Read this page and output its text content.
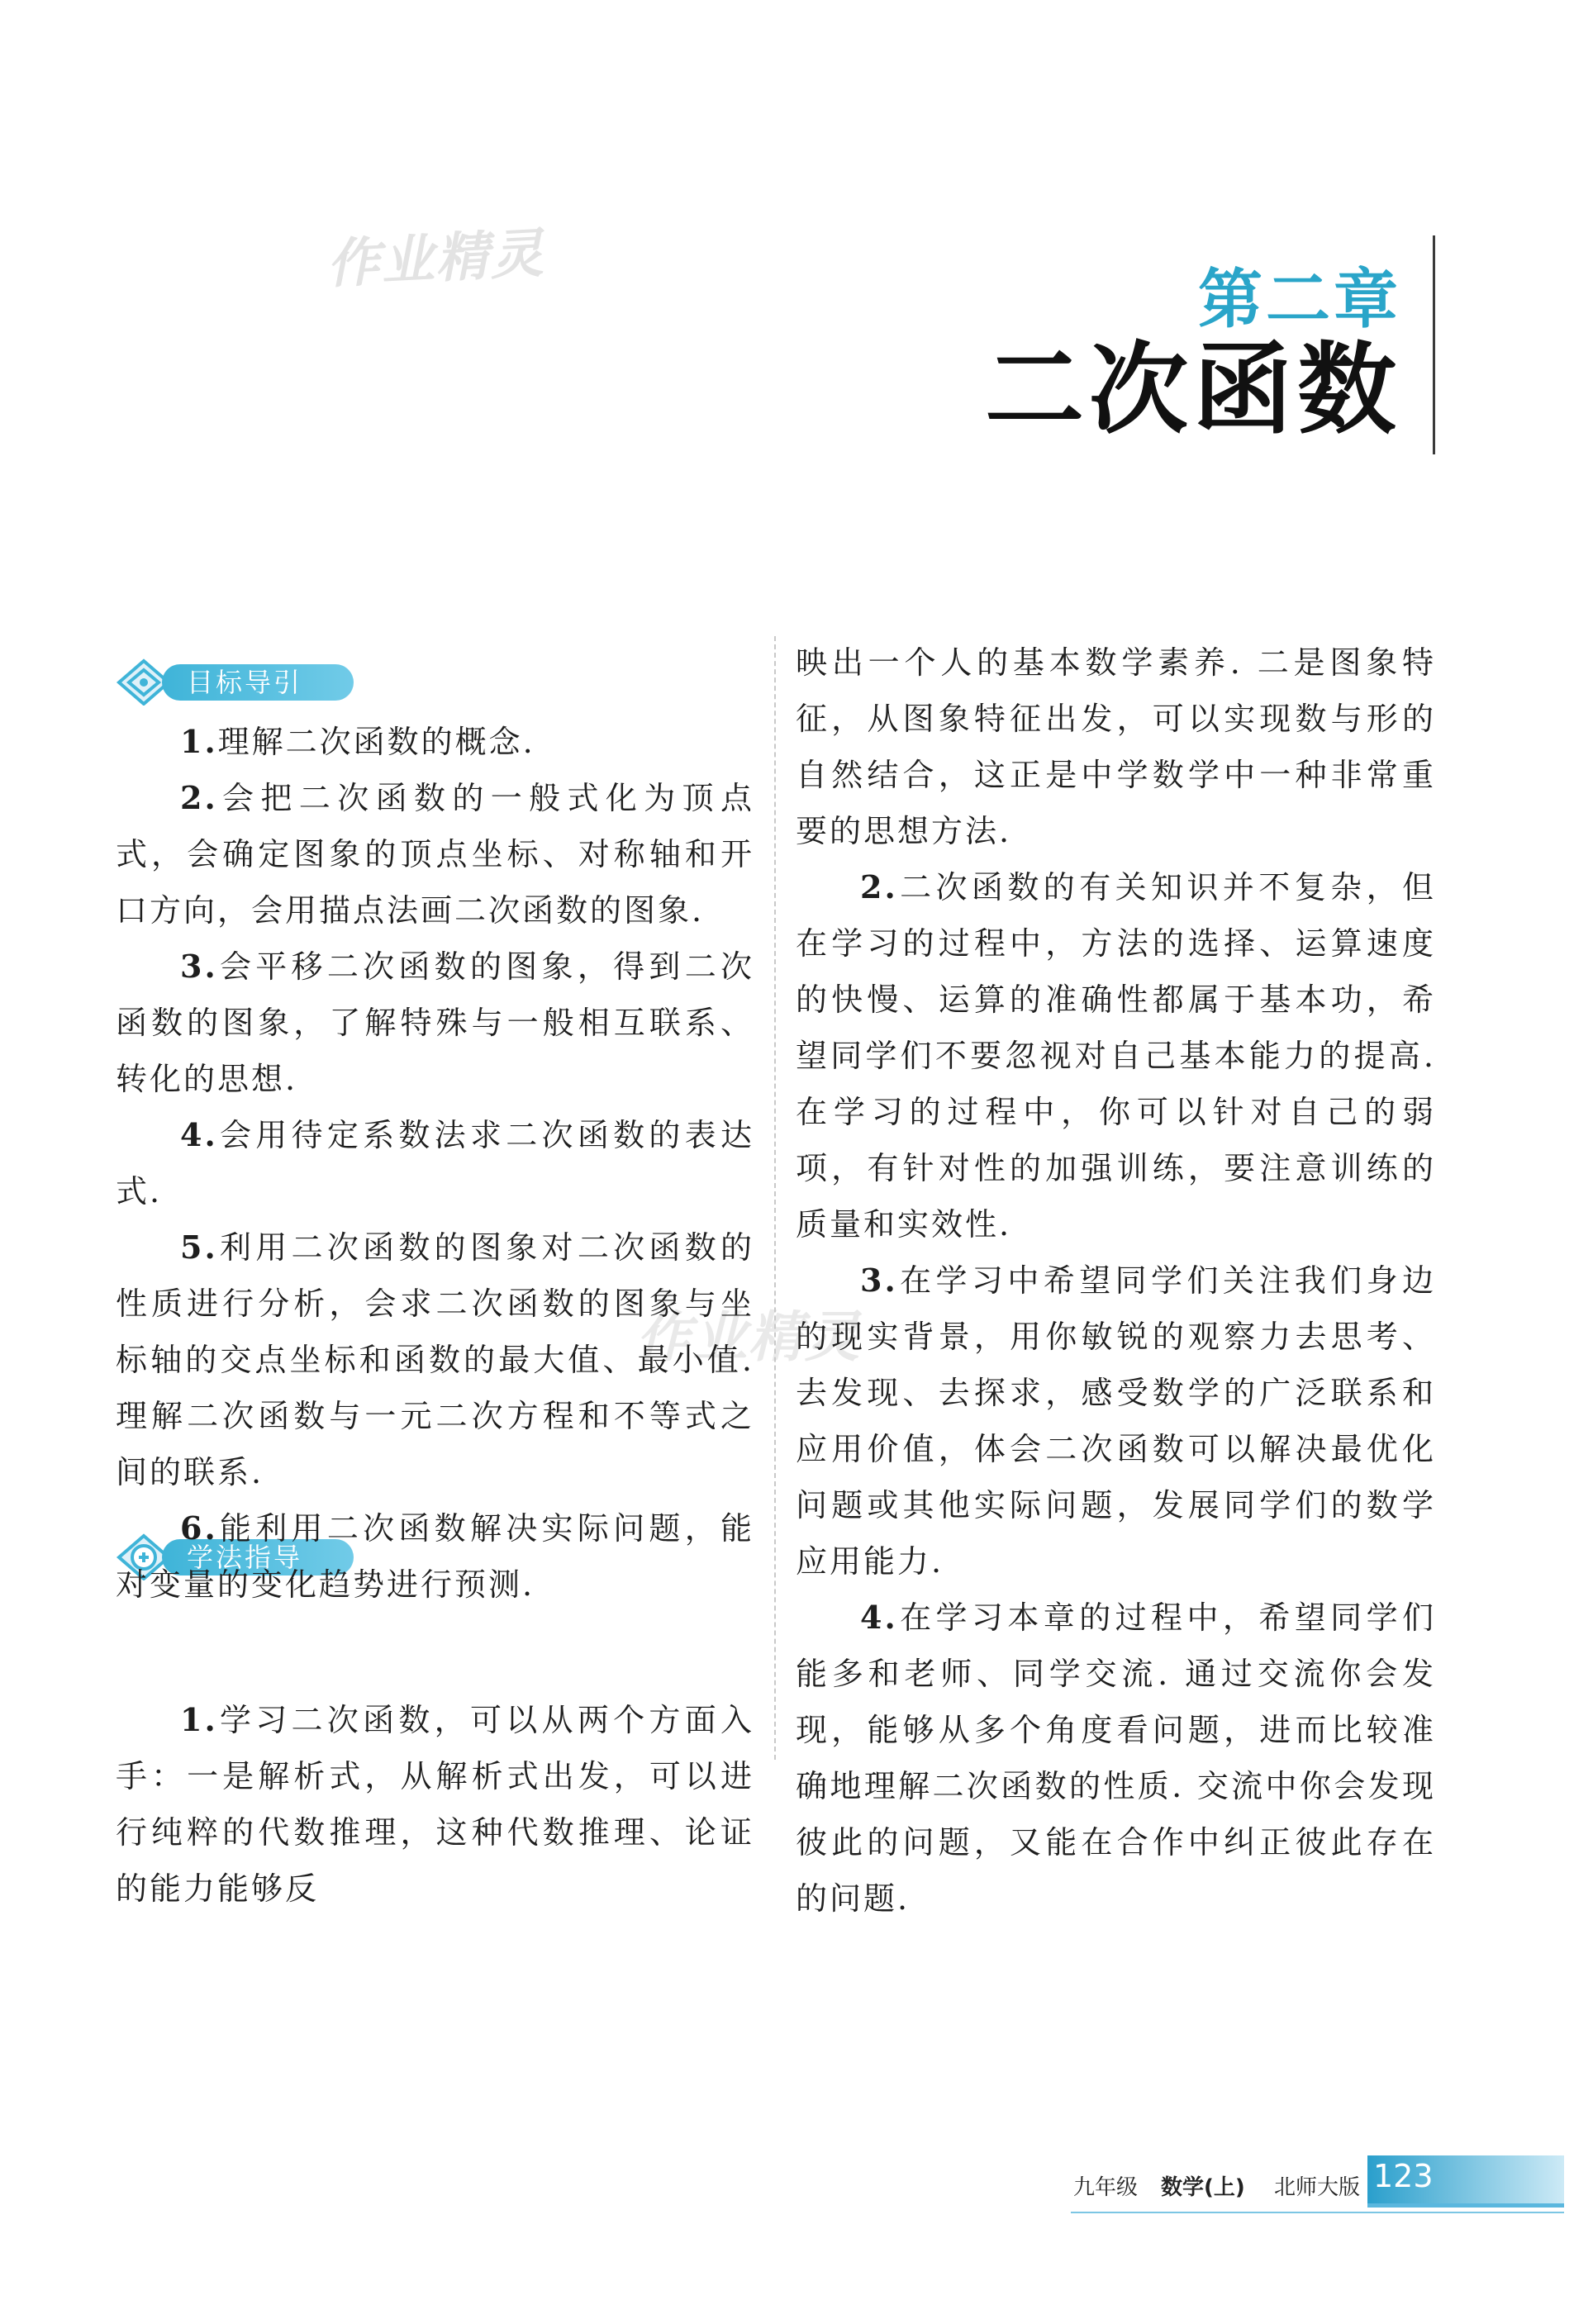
作业精灵
作业精灵
第二章
二次函数
目标导引
学法指导

1.理解二次函数的概念.

2.会把二次函数的一般式化为顶点式，会确定图象的顶点坐标、对称轴和开口方向，会用描点法画二次函数的图象.

3.会平移二次函数的图象，得到二次函数的图象，了解特殊与一般相互联系、转化的思想.

4.会用待定系数法求二次函数的表达式.

5.利用二次函数的图象对二次函数的性质进行分析，会求二次函数的图象与坐标轴的交点坐标和函数的最大值、最小值. 理解二次函数与一元二次方程和不等式之间的联系.

6.能利用二次函数解决实际问题，能对变量的变化趋势进行预测.

1.学习二次函数，可以从两个方面入手：一是解析式，从解析式出发，可以进行纯粹的代数推理，这种代数推理、论证的能力能够反

映出一个人的基本数学素养. 二是图象特征，从图象特征出发，可以实现数与形的自然结合，这正是中学数学中一种非常重要的思想方法.

2.二次函数的有关知识并不复杂，但在学习的过程中，方法的选择、运算速度的快慢、运算的准确性都属于基本功，希望同学们不要忽视对自己基本能力的提高. 在学习的过程中，你可以针对自己的弱项，有针对性的加强训练，要注意训练的质量和实效性.

3.在学习中希望同学们关注我们身边的现实背景，用你敏锐的观察力去思考、去发现、去探求，感受数学的广泛联系和应用价值，体会二次函数可以解决最优化问题或其他实际问题，发展同学们的数学应用能力.

4.在学习本章的过程中，希望同学们能多和老师、同学交流. 通过交流你会发现，能够从多个角度看问题，进而比较准确地理解二次函数的性质. 交流中你会发现彼此的问题，又能在合作中纠正彼此存在的问题.

九年级 数学(上) 北师大版 123
